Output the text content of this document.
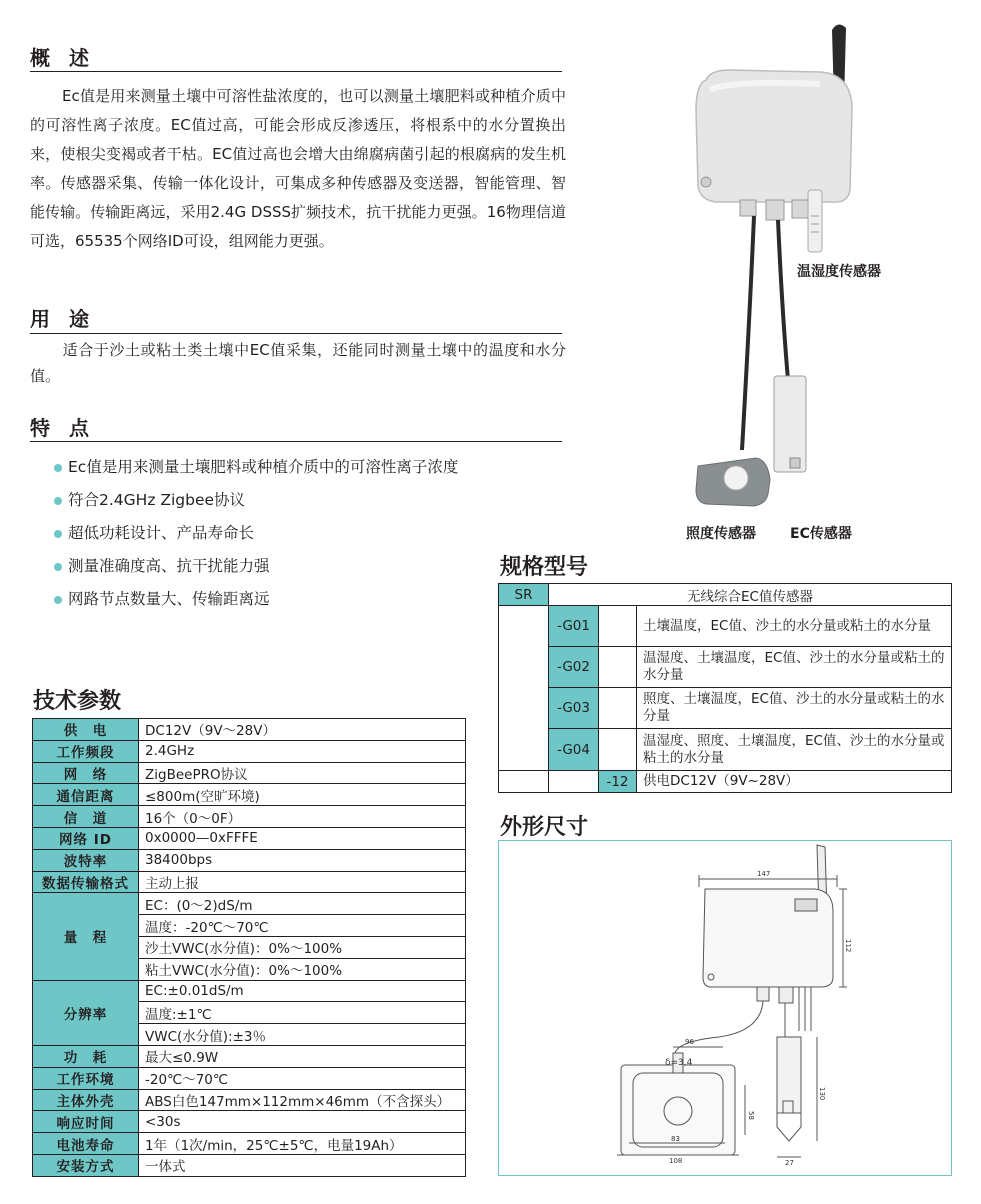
概 述
Ec值是用来测量土壤中可溶性盐浓度的，也可以测量土壤肥料或种植介质中的可溶性离子浓度。EC值过高，可能会形成反渗透压，将根系中的水分置换出来，使根尖变褐或者干枯。EC值过高也会增大由绵腐病菌引起的根腐病的发生机率。传感器采集、传输一体化设计，可集成多种传感器及变送器，智能管理、智能传输。传输距离远，采用2.4G DSSS扩频技术，抗干扰能力更强。16物理信道可选，65535个网络ID可设，组网能力更强。
用 途
适合于沙土或粘土类土壤中EC值采集，还能同时测量土壤中的温度和水分值。
特 点
Ec值是用来测量土壤肥料或种植介质中的可溶性离子浓度
符合2.4GHz Zigbee协议
超低功耗设计、产品寿命长
测量准确度高、抗干扰能力强
网路节点数量大、传输距离远
技术参数
供　电	DC12V（9V～28V）
工作频段	2.4GHz
网　络	ZigBeePRO协议
通信距离	≤800m(空旷环境)
信　道	16个（0～0F）
网络 ID	0x0000—0xFFFE
波特率	38400bps
数据传输格式	主动上报
量　程	EC：(0～2)dS/m
	温度：-20℃～70℃
	沙土VWC(水分值)：0%～100%
	粘土VWC(水分值)：0%～100%
分辨率	EC:±0.01dS/m
	温度:±1℃
	VWC(水分值):±3％
功　耗	最大≤0.9W
工作环境	-20℃～70℃
主体外壳	ABS白色147mm×112mm×46mm（不含探头）
响应时间	<30s
电池寿命	1年（1次/min，25℃±5℃，电量19Ah）
安装方式	一体式
温湿度传感器
照度传感器 EC传感器
规格型号
SR	无线综合EC值传感器		
	-G01		土壤温度，EC值、沙土的水分量或粘土的水分量
	-G02		温湿度、土壤温度，EC值、沙土的水分量或粘土的水分量
	-G03		照度、土壤温度，EC值、沙土的水分量或粘土的水分量
	-G04		温湿度、照度、土壤温度，EC值、沙土的水分量或粘土的水分量
		-12	供电DC12V（9V~28V）
外形尺寸
147
112
96
δ=3.4
58
83
108
130
27
